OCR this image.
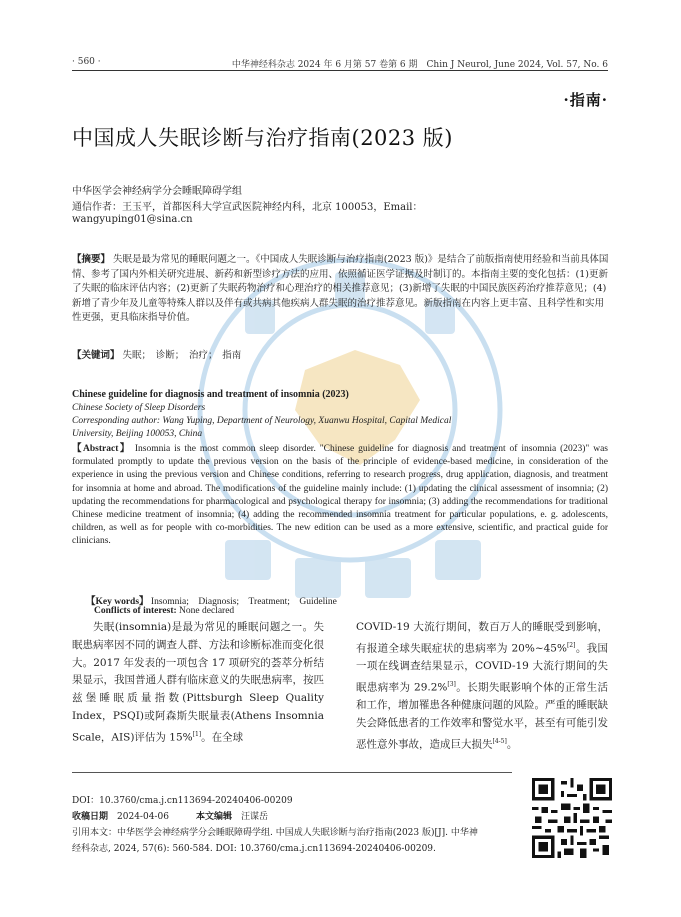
· 560 ·	中华神经科杂志 2024 年 6 月第 57 卷第 6 期　Chin J Neurol, June 2024, Vol. 57, No. 6
·指南·
中国成人失眠诊断与治疗指南(2023 版)
中华医学会神经病学分会睡眠障碍学组
通信作者：王玉平，首都医科大学宣武医院神经内科，北京 100053，Email：
wangyuping01@sina.cn
【摘要】 失眠是最为常见的睡眠问题之一。《中国成人失眠诊断与治疗指南(2023 版)》是结合了前版指南使用经验和当前具体国情、参考了国内外相关研究进展、新药和新型诊疗方法的应用、依照循证医学证据及时制订的。本指南主要的变化包括：(1)更新了失眠的临床评估内容；(2)更新了失眠药物治疗和心理治疗的相关推荐意见；(3)新增了失眠的中国民族医药治疗推荐意见；(4)新增了青少年及儿童等特殊人群以及伴有或共病其他疾病人群失眠的治疗推荐意见。新版指南在内容上更丰富、且科学性和实用性更强，更具临床指导价值。
【关键词】 失眠；　诊断；　治疗；　指南
Chinese guideline for diagnosis and treatment of insomnia (2023)
Chinese Society of Sleep Disorders
Corresponding author: Wang Yuping, Department of Neurology, Xuanwu Hospital, Capital Medical
University, Beijing 100053, China
【Abstract】 Insomnia is the most common sleep disorder. "Chinese guideline for diagnosis and treatment of insomnia (2023)" was formulated promptly to update the previous version on the basis of the principle of evidence-based medicine, in consideration of the experience in using the previous version and Chinese conditions, referring to research progress, drug application, diagnosis, and treatment for insomnia at home and abroad. The modifications of the guideline mainly include: (1) updating the clinical assessment of insomnia; (2) updating the recommendations for pharmacological and psychological therapy for insomnia; (3) adding the recommendations for traditional Chinese medicine treatment of insomnia; (4) adding the recommended insomnia treatment for particular populations, e. g. adolescents, children, as well as for people with co-morbidities. The new edition can be used as a more extensive, scientific, and practical guide for clinicians.
【Key words】 Insomnia;　Diagnosis;　Treatment;　Guideline
Conflicts of interest: None declared
失眠(insomnia)是最为常见的睡眠问题之一。失眠患病率因不同的调查人群、方法和诊断标准而变化很大。2017 年发表的一项包含 17 项研究的荟萃分析结果显示，我国普通人群有临床意义的失眠患病率，按匹兹堡睡眠质量指数(Pittsburgh Sleep Quality Index，PSQI)或阿森斯失眠量表(Athens Insomnia Scale，AIS)评估为 15%[1]。在全球
COVID-19 大流行期间，数百万人的睡眠受到影响，有报道全球失眠症状的患病率为 20%~45%[2]。我国一项在线调查结果显示，COVID-19 大流行期间的失眠患病率为 29.2%[3]。长期失眠影响个体的正常生活和工作，增加罹患各种健康问题的风险。严重的睡眠缺失会降低患者的工作效率和警觉水平，甚至有可能引发恶性意外事故，造成巨大损失[4-5]。
DOI：10.3760/cma.j.cn113694-20240406-00209
收稿日期　 2024-04-06　　　	本文编辑　 汪谋岳
引用本文：中华医学会神经病学分会睡眠障碍学组. 中国成人失眠诊断与治疗指南(2023 版)[J]. 中华神
经科杂志, 2024, 57(6): 560-584. DOI: 10.3760/cma.j.cn113694-20240406-00209.
